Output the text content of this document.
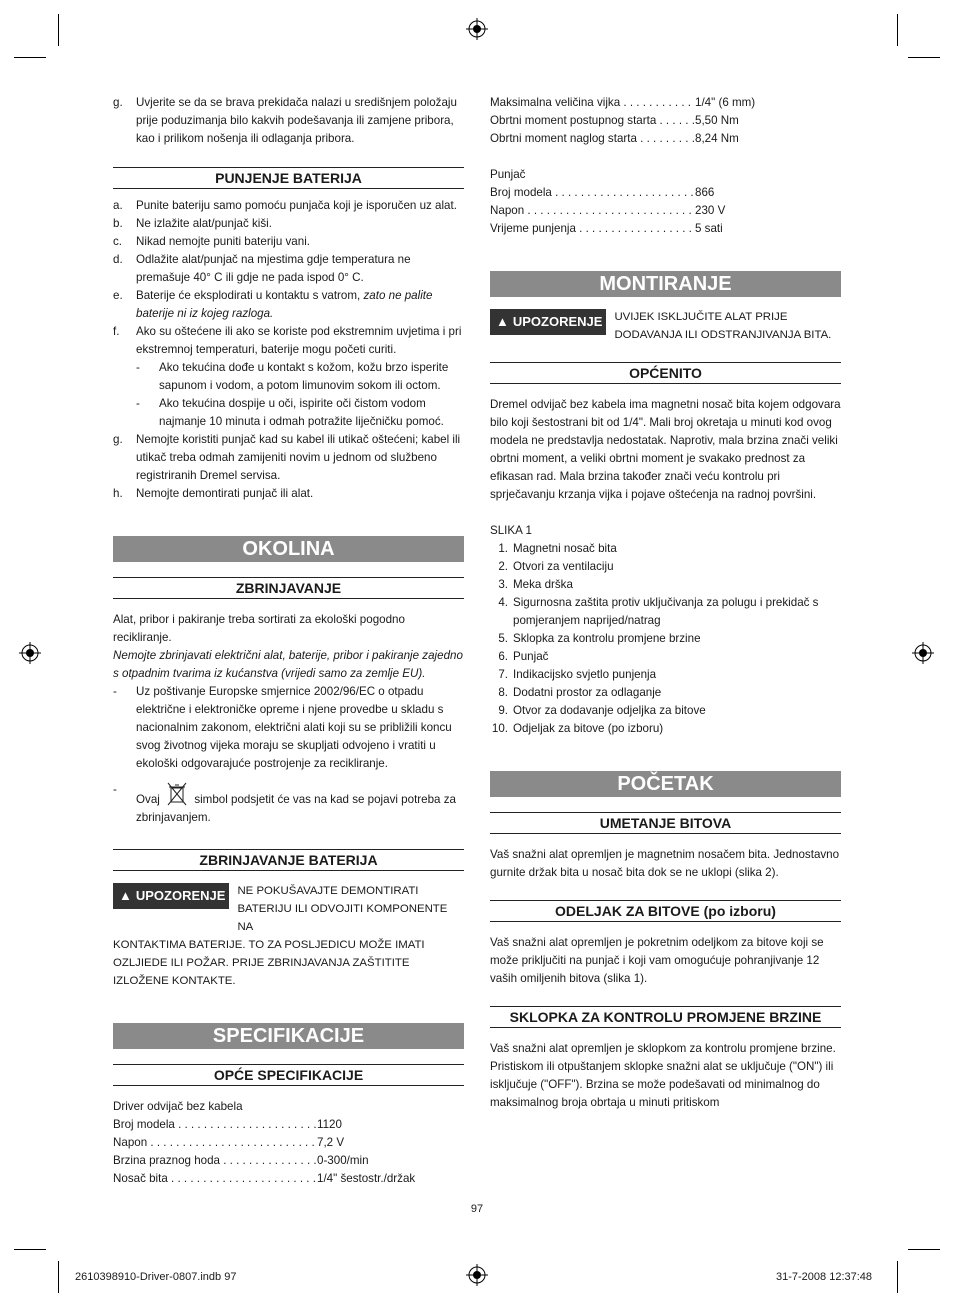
g. Uvjerite se da se brava prekidača nalazi u središnjem položaju prije poduzimanja bilo kakvih podešavanja ili zamjene pribora, kao i prilikom nošenja ili odlaganja pribora.
PUNJENJE BATERIJA
a. Punite bateriju samo pomoću punjača koji je isporučen uz alat.
b. Ne izlažite alat/punjač kiši.
c. Nikad nemojte puniti bateriju vani.
d. Odlažite alat/punjač na mjestima gdje temperatura ne premašuje 40° C ili gdje ne pada ispod 0° C.
e. Baterije će eksplodirati u kontaktu s vatrom, zato ne palite baterije ni iz kojeg razloga.
f. Ako su oštećene ili ako se koriste pod ekstremnim uvjetima i pri ekstremnoj temperaturi, baterije mogu početi curiti.
- Ako tekućina dođe u kontakt s kožom, kožu brzo isperite sapunom i vodom, a potom limunovim sokom ili octom.
- Ako tekućina dospije u oči, ispirite oči čistom vodom najmanje 10 minuta i odmah potražite liječničku pomoć.
g. Nemojte koristiti punjač kad su kabel ili utikač oštećeni; kabel ili utikač treba odmah zamijeniti novim u jednom od službeno registriranih Dremel servisa.
h. Nemojte demontirati punjač ili alat.
OKOLINA
ZBRINJAVANJE
Alat, pribor i pakiranje treba sortirati za ekološki pogodno recikliranje.
Nemojte zbrinjavati električni alat, baterije, pribor i pakiranje zajedno s otpadnim tvarima iz kućanstva (vrijedi samo za zemlje EU).
- Uz poštivanje Europske smjernice 2002/96/EC o otpadu električne i elektroničke opreme i njene provedbe u skladu s nacionalnim zakonom, električni alati koji su se približili koncu svog životnog vijeka moraju se skupljati odvojeno i vratiti u ekološki odgovarajuće postrojenje za recikliranje.
-
Ovaj	simbol podsjetit će vas na kad se pojavi potreba za zbrinjavanjem.
ZBRINJAVANJE BATERIJA
▲ UPOZORENJE	NE POKUŠAVAJTE DEMONTIRATI BATERIJU ILI ODVOJITI KOMPONENTE NA
KONTAKTIMA BATERIJE. TO ZA POSLJEDICU MOŽE IMATI OZLJIEDE ILI POŽAR. PRIJE ZBRINJAVANJA ZAŠTITITE IZLOŽENE KONTAKTE.
SPECIFIKACIJE
OPĆE SPECIFIKACIJE
Driver odvijač bez kabela
Broj modela . . .	1120
Napon . . .	7,2 V
Brzina praznog hoda . . .	0-300/min
Nosač bita . . .	1/4" šestostr./držak
Maksimalna veličina vijka . . .	1/4" (6 mm)
Obrtni moment postupnog starta . . .	5,50 Nm
Obrtni moment naglog starta . . .	8,24 Nm
Punjač
Broj modela . . .	866
Napon . . .	230 V
Vrijeme punjenja . . .	5 sati
MONTIRANJE
▲ UPOZORENJE	UVIJEK ISKLJUČITE ALAT PRIJE DODAVANJA ILI ODSTRANJIVANJA BITA.
OPĆENITO
Dremel odvijač bez kabela ima magnetni nosač bita kojem odgovara bilo koji šestostrani bit od 1/4". Mali broj okretaja u minuti kod ovog modela ne predstavlja nedostatak. Naprotiv, mala brzina znači veliki obrtni moment, a veliki obrtni moment je svakako prednost za efikasan rad. Mala brzina također znači veću kontrolu pri sprječavanju krzanja vijka i pojave oštećenja na radnoj površini.
SLIKA 1
1. Magnetni nosač bita
2. Otvori za ventilaciju
3. Meka drška
4. Sigurnosna zaštita protiv uključivanja za polugu i prekidač s pomjeranjem naprijed/natrag
5. Sklopka za kontrolu promjene brzine
6. Punjač
7. Indikacijsko svjetlo punjenja
8. Dodatni prostor za odlaganje
9. Otvor za dodavanje odjeljka za bitove
10. Odjeljak za bitove (po izboru)
POČETAK
UMETANJE BITOVA
Vaš snažni alat opremljen je magnetnim nosačem bita. Jednostavno gurnite držak bita u nosač bita dok se ne uklopi (slika 2).
ODELJAK ZA BITOVE (po izboru)
Vaš snažni alat opremljen je pokretnim odeljkom za bitove koji se može priključiti na punjač i koji vam omogućuje pohranjivanje 12 vaših omiljenih bitova (slika 1).
SKLOPKA ZA KONTROLU PROMJENE BRZINE
Vaš snažni alat opremljen je sklopkom za kontrolu promjene brzine. Pristiskom ili otpuštanjem sklopke snažni alat se uključuje ("ON") ili isključuje ("OFF"). Brzina se može podešavati od minimalnog do maksimalnog broja obrtaja u minuti pritiskom
97
2610398910-Driver-0807.indb 97	31-7-2008 12:37:48
